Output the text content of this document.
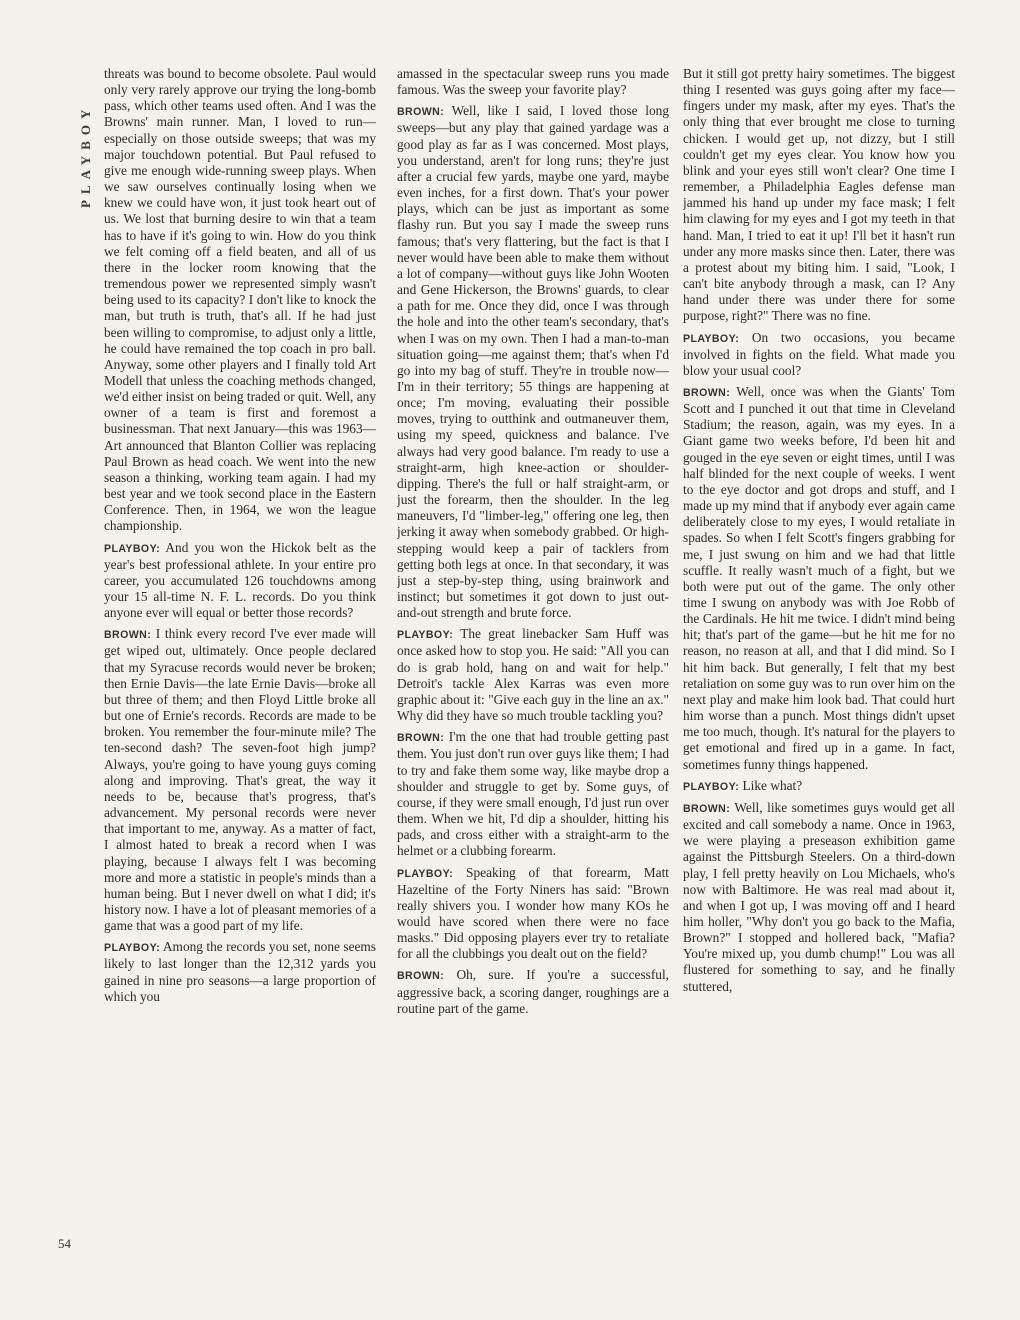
PLAYBOY
54

threats was bound to become obsolete. Paul would only very rarely approve our trying the long-bomb pass, which other teams used often. And I was the Browns' main runner. Man, I loved to run—especially on those outside sweeps; that was my major touchdown potential. But Paul refused to give me enough wide-running sweep plays. When we saw ourselves continually losing when we knew we could have won, it just took heart out of us. We lost that burning desire to win that a team has to have if it's going to win. How do you think we felt coming off a field beaten, and all of us there in the locker room knowing that the tremendous power we represented simply wasn't being used to its capacity? I don't like to knock the man, but truth is truth, that's all. If he had just been willing to compromise, to adjust only a little, he could have remained the top coach in pro ball. Anyway, some other players and I finally told Art Modell that unless the coaching methods changed, we'd either insist on being traded or quit. Well, any owner of a team is first and foremost a businessman. That next January—this was 1963—Art announced that Blanton Collier was replacing Paul Brown as head coach. We went into the new season a thinking, working team again. I had my best year and we took second place in the Eastern Conference. Then, in 1964, we won the league championship.

PLAYBOY: And you won the Hickok belt as the year's best professional athlete. In your entire pro career, you accumulated 126 touchdowns among your 15 all-time N. F. L. records. Do you think anyone ever will equal or better those records?

BROWN: I think every record I've ever made will get wiped out, ultimately. Once people declared that my Syracuse records would never be broken; then Ernie Davis—the late Ernie Davis—broke all but three of them; and then Floyd Little broke all but one of Ernie's records. Records are made to be broken. You remember the four-minute mile? The ten-second dash? The seven-foot high jump? Always, you're going to have young guys coming along and improving. That's great, the way it needs to be, because that's progress, that's advancement. My personal records were never that important to me, anyway. As a matter of fact, I almost hated to break a record when I was playing, because I always felt I was becoming more and more a statistic in people's minds than a human being. But I never dwell on what I did; it's history now. I have a lot of pleasant memories of a game that was a good part of my life.

PLAYBOY: Among the records you set, none seems likely to last longer than the 12,312 yards you gained in nine pro seasons—a large proportion of which you

amassed in the spectacular sweep runs you made famous. Was the sweep your favorite play?

BROWN: Well, like I said, I loved those long sweeps—but any play that gained yardage was a good play as far as I was concerned. Most plays, you understand, aren't for long runs; they're just after a crucial few yards, maybe one yard, maybe even inches, for a first down. That's your power plays, which can be just as important as some flashy run. But you say I made the sweep runs famous; that's very flattering, but the fact is that I never would have been able to make them without a lot of company—without guys like John Wooten and Gene Hickerson, the Browns' guards, to clear a path for me. Once they did, once I was through the hole and into the other team's secondary, that's when I was on my own. Then I had a man-to-man situation going—me against them; that's when I'd go into my bag of stuff. They're in trouble now—I'm in their territory; 55 things are happening at once; I'm moving, evaluating their possible moves, trying to outthink and outmaneuver them, using my speed, quickness and balance. I've always had very good balance. I'm ready to use a straight-arm, high knee-action or shoulder-dipping. There's the full or half straight-arm, or just the forearm, then the shoulder. In the leg maneuvers, I'd "limber-leg," offering one leg, then jerking it away when somebody grabbed. Or high-stepping would keep a pair of tacklers from getting both legs at once. In that secondary, it was just a step-by-step thing, using brainwork and instinct; but sometimes it got down to just out-and-out strength and brute force.

PLAYBOY: The great linebacker Sam Huff was once asked how to stop you. He said: "All you can do is grab hold, hang on and wait for help." Detroit's tackle Alex Karras was even more graphic about it: "Give each guy in the line an ax." Why did they have so much trouble tackling you?

BROWN: I'm the one that had trouble getting past them. You just don't run over guys like them; I had to try and fake them some way, like maybe drop a shoulder and struggle to get by. Some guys, of course, if they were small enough, I'd just run over them. When we hit, I'd dip a shoulder, hitting his pads, and cross either with a straight-arm to the helmet or a clubbing forearm.

PLAYBOY: Speaking of that forearm, Matt Hazeltine of the Forty Niners has said: "Brown really shivers you. I wonder how many KOs he would have scored when there were no face masks." Did opposing players ever try to retaliate for all the clubbings you dealt out on the field?

BROWN: Oh, sure. If you're a successful, aggressive back, a scoring danger, roughings are a routine part of the game.

But it still got pretty hairy sometimes. The biggest thing I resented was guys going after my face—fingers under my mask, after my eyes. That's the only thing that ever brought me close to turning chicken. I would get up, not dizzy, but I still couldn't get my eyes clear. You know how you blink and your eyes still won't clear? One time I remember, a Philadelphia Eagles defense man jammed his hand up under my face mask; I felt him clawing for my eyes and I got my teeth in that hand. Man, I tried to eat it up! I'll bet it hasn't run under any more masks since then. Later, there was a protest about my biting him. I said, "Look, I can't bite anybody through a mask, can I? Any hand under there was under there for some purpose, right?" There was no fine.

PLAYBOY: On two occasions, you became involved in fights on the field. What made you blow your usual cool?

BROWN: Well, once was when the Giants' Tom Scott and I punched it out that time in Cleveland Stadium; the reason, again, was my eyes. In a Giant game two weeks before, I'd been hit and gouged in the eye seven or eight times, until I was half blinded for the next couple of weeks. I went to the eye doctor and got drops and stuff, and I made up my mind that if anybody ever again came deliberately close to my eyes, I would retaliate in spades. So when I felt Scott's fingers grabbing for me, I just swung on him and we had that little scuffle. It really wasn't much of a fight, but we both were put out of the game. The only other time I swung on anybody was with Joe Robb of the Cardinals. He hit me twice. I didn't mind being hit; that's part of the game—but he hit me for no reason, no reason at all, and that I did mind. So I hit him back. But generally, I felt that my best retaliation on some guy was to run over him on the next play and make him look bad. That could hurt him worse than a punch. Most things didn't upset me too much, though. It's natural for the players to get emotional and fired up in a game. In fact, sometimes funny things happened.

PLAYBOY: Like what?

BROWN: Well, like sometimes guys would get all excited and call somebody a name. Once in 1963, we were playing a preseason exhibition game against the Pittsburgh Steelers. On a third-down play, I fell pretty heavily on Lou Michaels, who's now with Baltimore. He was real mad about it, and when I got up, I was moving off and I heard him holler, "Why don't you go back to the Mafia, Brown?" I stopped and hollered back, "Mafia? You're mixed up, you dumb chump!" Lou was all flustered for something to say, and he finally stuttered,
